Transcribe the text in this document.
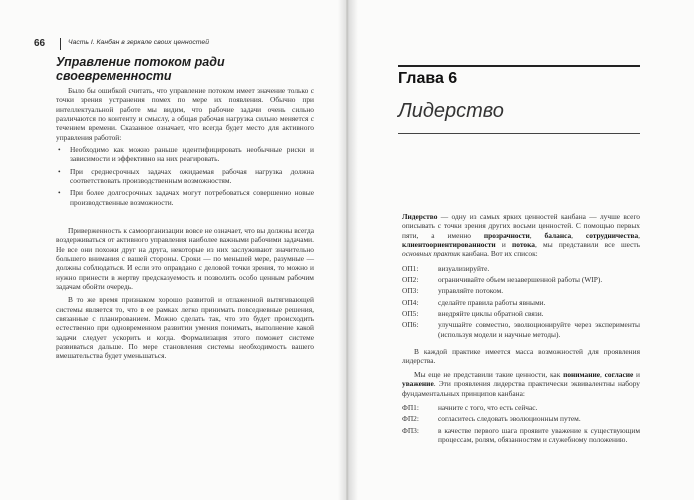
66	Часть I. Канбан в зеркале своих ценностей
Управление потоком ради своевременности

Было бы ошибкой считать, что управление потоком имеет значение только с точки зрения устранения помех по мере их появления. Обычно при интеллектуальной работе мы видим, что рабочие задачи очень сильно различаются по контенту и смыслу, а общая рабочая нагрузка сильно меняется с течением времени. Сказанное означает, что всегда будет место для активного управления работой:

• Необходимо как можно раньше идентифицировать необычные риски и зависимости и эффективно на них реагировать.
• При среднесрочных задачах ожидаемая рабочая нагрузка должна соответствовать производственным возможностям.
• При более долгосрочных задачах могут потребоваться совершенно новые производственные возможности.

Приверженность к самоорганизации вовсе не означает, что вы должны всегда воздерживаться от активного управления наиболее важными рабочими задачами. Не все они похожи друг на друга, некоторые из них заслуживают значительно большего внимания с вашей стороны. Сроки — по меньшей мере, разумные — должны соблюдаться. И если это оправдано с деловой точки зрения, то можно и нужно принести в жертву предсказуемость и позволить особо ценным рабочим задачам обойти очередь.

В то же время признаком хорошо развитой и отлаженной вытягивающей системы является то, что в ее рамках легко принимать повседневные решения, связанные с планированием. Можно сделать так, что это будет происходить естественно при одновременном развитии умения понимать, выполнение какой задачи следует ускорить и когда. Формализация этого поможет системе развиваться дальше. По мере становления системы необходимость вашего вмешательства будет уменьшаться.

Глава 6
Лидерство

Лидерство — одну из самых ярких ценностей канбана — лучше всего описывать с точки зрения других восьми ценностей. С помощью первых пяти, а именно прозрачности, баланса, сотрудничества, клиентоориентированности и потока, мы представили все шесть основных практик канбана. Вот их список:

ОП1:	визуализируйте.
ОП2:	ограничивайте объем незавершенной работы (WIP).
ОП3:	управляйте потоком.
ОП4:	сделайте правила работы явными.
ОП5:	внедряйте циклы обратной связи.
ОП6:	улучшайте совместно, эволюционируйте через эксперименты (используя модели и научные методы).

В каждой практике имеется масса возможностей для проявления лидерства.

Мы еще не представили такие ценности, как понимание, согласие и уважение. Эти проявления лидерства практически эквивалентны набору фундаментальных принципов канбана:

ФП1:	начните с того, что есть сейчас.
ФП2:	согласитесь следовать эволюционным путем.
ФП3:	в качестве первого шага проявите уважение к существующим процессам, ролям, обязанностям и служебному положению.
